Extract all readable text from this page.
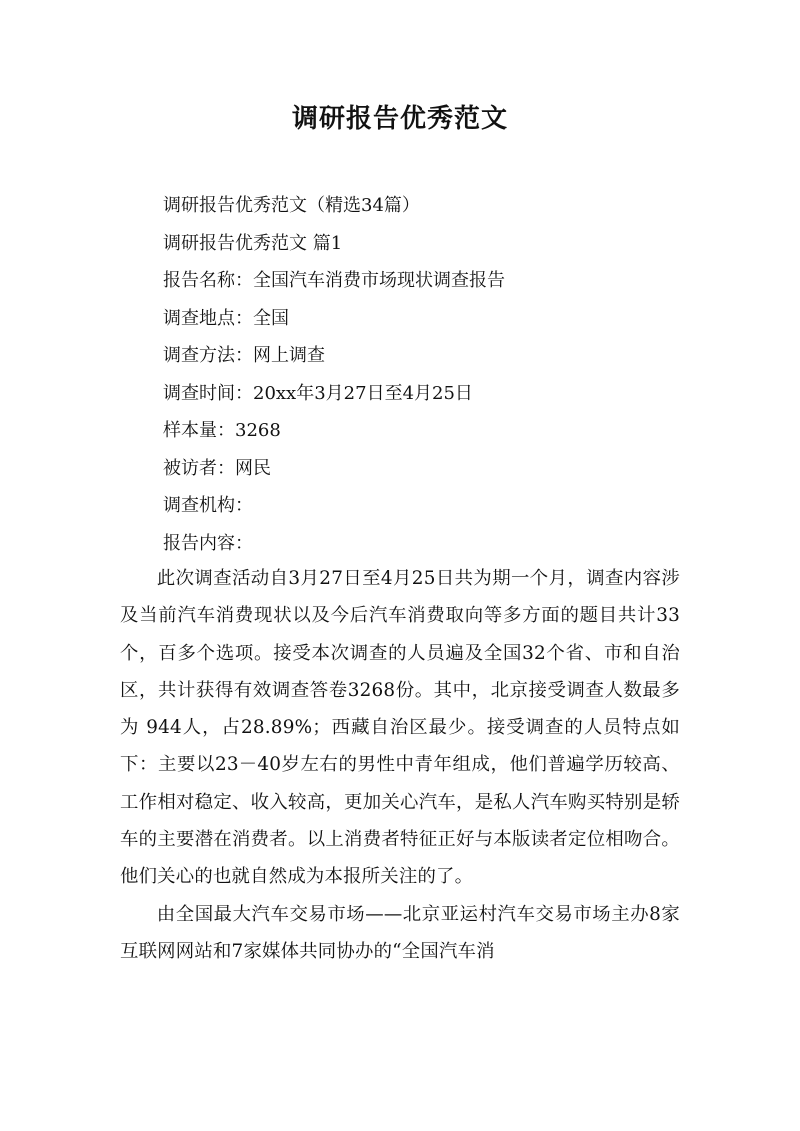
调研报告优秀范文
调研报告优秀范文（精选34篇）
调研报告优秀范文 篇1
报告名称：全国汽车消费市场现状调查报告
调查地点：全国
调查方法：网上调查
调查时间：20xx年3月27日至4月25日
样本量：3268
被访者：网民
调查机构：
报告内容：

此次调查活动自3月27日至4月25日共为期一个月，调查内容涉及当前汽车消费现状以及今后汽车消费取向等多方面的题目共计33个，百多个选项。接受本次调查的人员遍及全国32个省、市和自治区，共计获得有效调查答卷3268份。其中，北京接受调查人数最多为 944人，占28.89%；西藏自治区最少。接受调查的人员特点如下：主要以23－40岁左右的男性中青年组成，他们普遍学历较高、工作相对稳定、收入较高，更加关心汽车，是私人汽车购买特别是轿车的主要潜在消费者。以上消费者特征正好与本版读者定位相吻合。他们关心的也就自然成为本报所关注的了。

由全国最大汽车交易市场——北京亚运村汽车交易市场主办8家互联网网站和7家媒体共同协办的“全国汽车消
